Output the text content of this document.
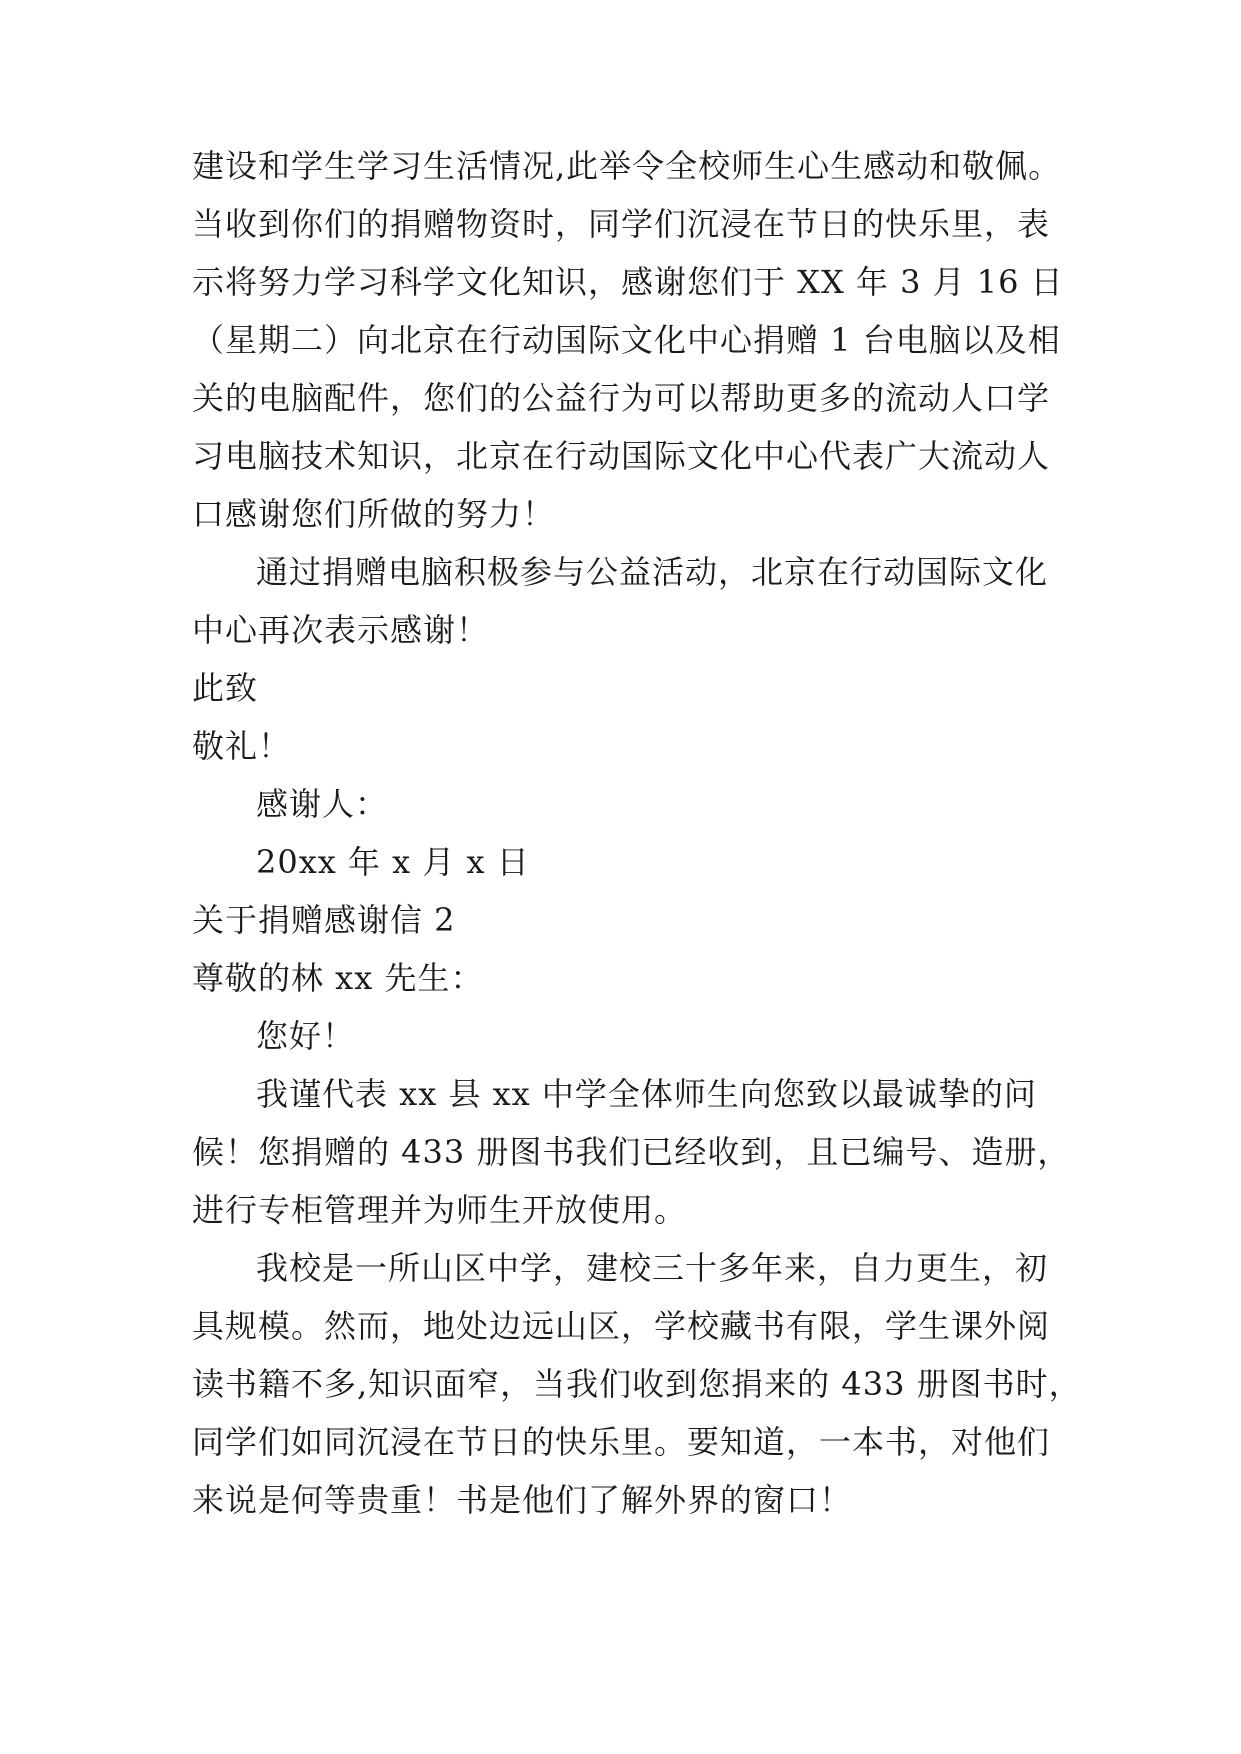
建设和学生学习生活情况,此举令全校师生心生感动和敬佩。
当收到你们的捐赠物资时，同学们沉浸在节日的快乐里，表
示将努力学习科学文化知识，感谢您们于 XX 年 3 月 16 日
（星期二）向北京在行动国际文化中心捐赠 1 台电脑以及相
关的电脑配件，您们的公益行为可以帮助更多的流动人口学
习电脑技术知识，北京在行动国际文化中心代表广大流动人
口感谢您们所做的努力！
通过捐赠电脑积极参与公益活动，北京在行动国际文化
中心再次表示感谢！
此致
敬礼！
感谢人：
20xx 年 x 月 x 日
关于捐赠感谢信 2
尊敬的林 xx 先生：
您好！
我谨代表 xx 县 xx 中学全体师生向您致以最诚挚的问
候！您捐赠的 433 册图书我们已经收到，且已编号、造册，
进行专柜管理并为师生开放使用。
我校是一所山区中学，建校三十多年来，自力更生，初
具规模。然而，地处边远山区，学校藏书有限，学生课外阅
读书籍不多,知识面窄，当我们收到您捐来的 433 册图书时，
同学们如同沉浸在节日的快乐里。要知道，一本书，对他们
来说是何等贵重！书是他们了解外界的窗口！
